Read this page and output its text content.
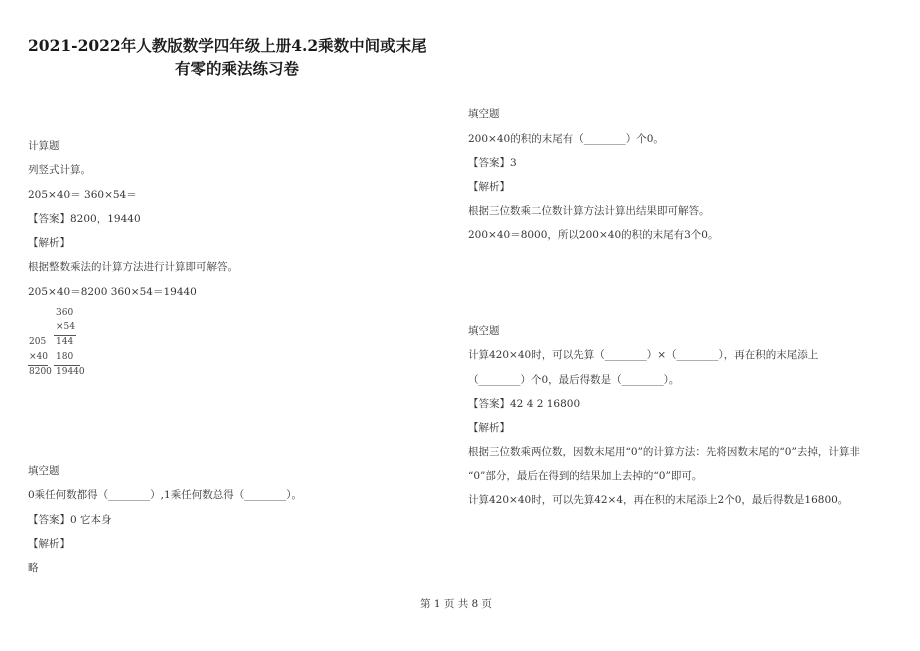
2021-2022年人教版数学四年级上册4.2乘数中间或末尾
有零的乘法练习卷
计算题
列竖式计算。
205×40＝ 360×54＝
【答案】8200，19440
【解析】
根据整数乘法的计算方法进行计算即可解答。
205×40＝8200 360×54＝19440
360
×54
144
180
19440
205
×40
8200
填空题
0乘任何数都得（________）,1乘任何数总得（________）。
【答案】0 它本身
【解析】
略
填空题
200×40的积的末尾有（________）个0。
【答案】3
【解析】
根据三位数乘二位数计算方法计算出结果即可解答。
200×40＝8000，所以200×40的积的末尾有3个0。
填空题
计算420×40时，可以先算（________）×（________），再在积的末尾添上
（________）个0，最后得数是（________）。
【答案】42 4 2 16800
【解析】
根据三位数乘两位数，因数末尾用“0”的计算方法：先将因数末尾的“0”去掉，计算非
“0”部分，最后在得到的结果加上去掉的“0”即可。
计算420×40时，可以先算42×4，再在积的末尾添上2个0，最后得数是16800。
第 1 页 共 8 页
